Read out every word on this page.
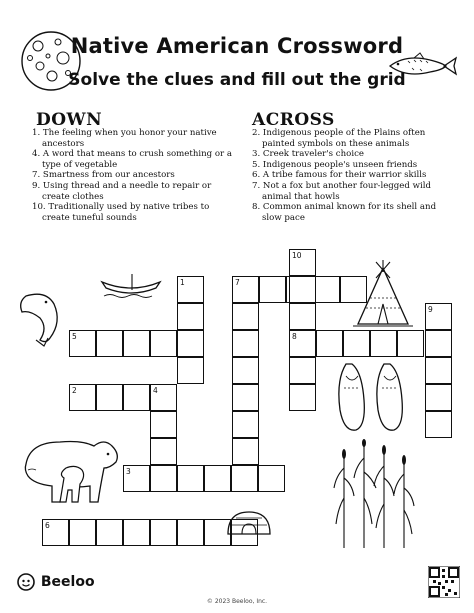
Native American Crossword
Solve the clues and fill out the grid
DOWN
1. The feeling when you honor your native ancestors
4. A word that means to crush something or a type of vegetable
7. Smartness from our ancestors
9. Using thread and a needle to repair or create clothes
10. Traditionally used by native tribes to create tuneful sounds
ACROSS
2. Indigenous people of the Plains often painted symbols on these animals
3. Creek traveler's choice
5. Indigenous people's unseen friends
6. A tribe famous for their warrior skills
7. Not a fox but another four-legged wild animal that howls
8. Common animal known for its shell and slow pace
5	8
2	4
3
6
1	7
10
9
Beeloo
© 2023 Beeloo, Inc.
